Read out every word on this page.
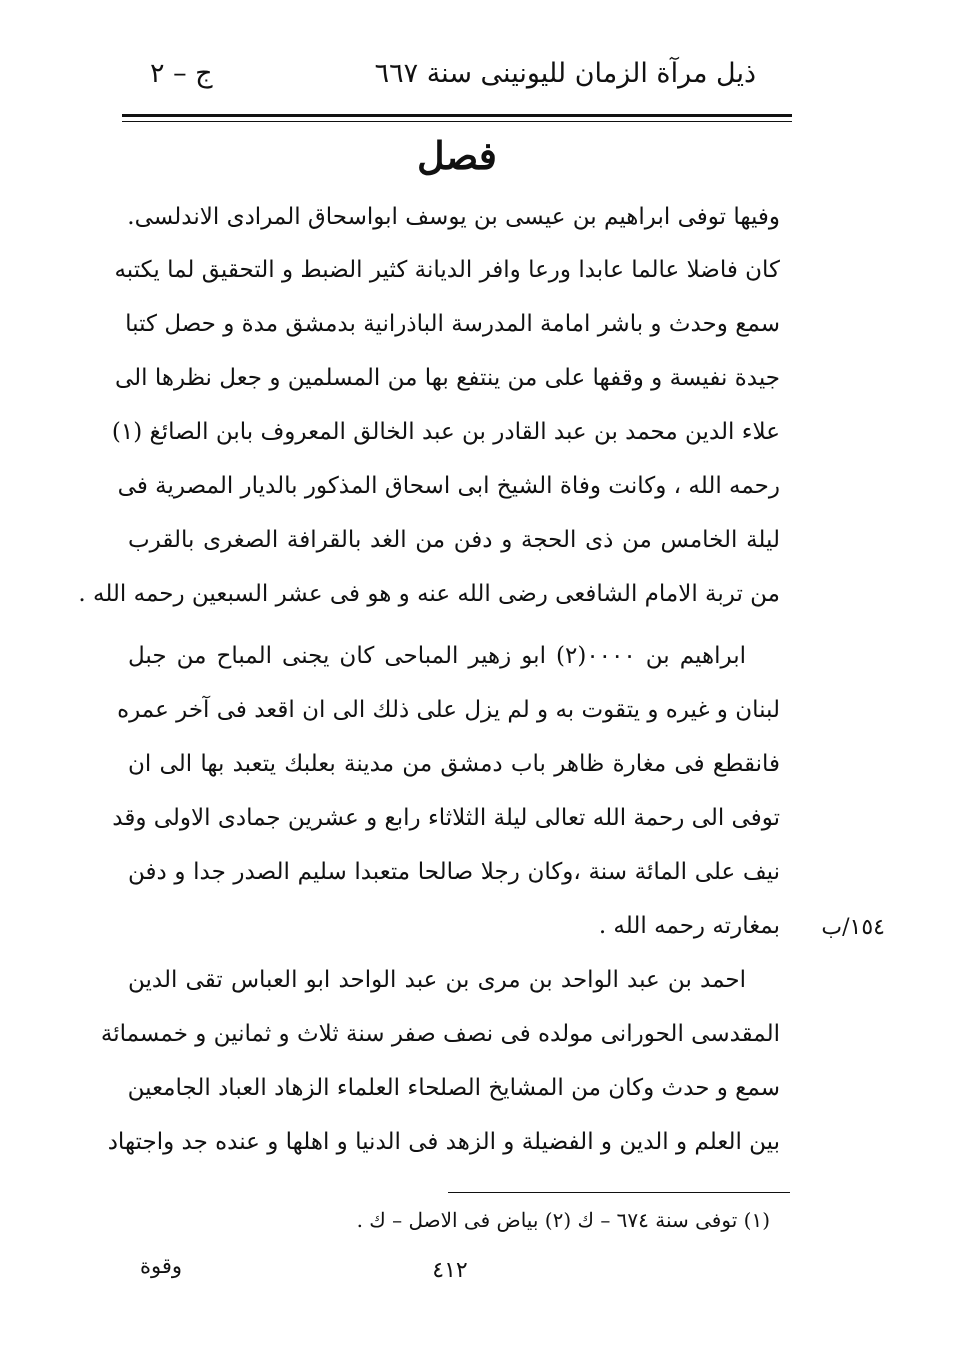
ذيل مرآة الزمان لليونينى سنة ٦٦٧
ج – ٢
فصل
وفيها توفى ابراهيم بن عيسى بن يوسف ابواسحاق المرادى الاندلسى.
كان فاضلا عالما عابدا ورعا وافر الديانة كثير الضبط و التحقيق لما يكتبه
سمع وحدث و باشر امامة المدرسة الباذرانية بدمشق مدة و حصل كتبا
جيدة نفيسة و وقفها على من ينتفع بها من المسلمين و جعل نظرها الى
علاء الدين محمد بن عبد القادر بن عبد الخالق المعروف بابن الصائغ (١)
رحمه الله ، وكانت وفاة الشيخ ابى اسحاق المذكور بالديار المصرية فى
ليلة الخامس من ذى الحجة و دفن من الغد بالقرافة الصغرى بالقرب
من تربة الامام الشافعى رضى الله عنه و هو فى عشر السبعين رحمه الله .
ابراهيم بن ٠٠٠٠(٢) ابو زهير المباحى كان يجنى المباح من جبل
لبنان و غيره و يتقوت به و لم يزل على ذلك الى ان اقعد فى آخر عمره
فانقطع فى مغارة ظاهر باب دمشق من مدينة بعلبك يتعبد بها الى ان
توفى الى رحمة الله تعالى ليلة الثلاثاء رابع و عشرين جمادى الاولى وقد
نيف على المائة سنة ،وكان رجلا صالحا متعبدا سليم الصدر جدا و دفن
بمغارته رحمه الله .
احمد بن عبد الواحد بن مرى بن عبد الواحد ابو العباس تقى الدين
المقدسى الحورانى مولده فى نصف صفر سنة ثلاث و ثمانين و خمسمائة
سمع و حدث وكان من المشايخ الصلحاء العلماء الزهاد العباد الجامعين
بين العلم و الدين و الفضيلة و الزهد فى الدنيا و اهلها و عنده جد واجتهاد
١٥٤/ب
(١) توفى سنة ٦٧٤ – ك (٢) بياض فى الاصل – ك .
وقوة	٤١٢
